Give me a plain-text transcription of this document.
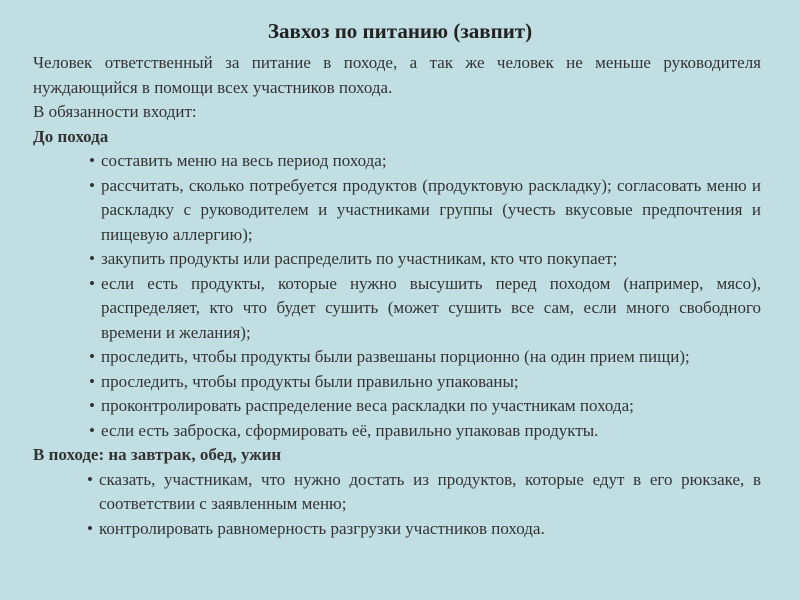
Завхоз по питанию (завпит)

Человек ответственный за питание в походе, а так же человек не меньше руководителя нуждающийся в помощи всех участников похода.

В обязанности входит:

До похода

• составить меню на весь период похода;
• рассчитать, сколько потребуется продуктов (продуктовую раскладку); согласовать меню и раскладку с руководителем и участниками группы (учесть вкусовые предпочтения и пищевую аллергию);
• закупить продукты или распределить по участникам, кто что покупает;
• если есть продукты, которые нужно высушить перед походом (например, мясо), распределяет, кто что будет сушить (может сушить все сам, если много свободного времени и желания);
• проследить, чтобы продукты были развешаны порционно (на один прием пищи);
• проследить, чтобы продукты были правильно упакованы;
• проконтролировать распределение веса раскладки по участникам похода;
• если есть заброска, сформировать её, правильно упаковав продукты.

В походе: на завтрак, обед, ужин

• сказать, участникам, что нужно достать из продуктов, которые едут в его рюкзаке, в соответствии с заявленным меню;
• контролировать равномерность разгрузки участников похода.
